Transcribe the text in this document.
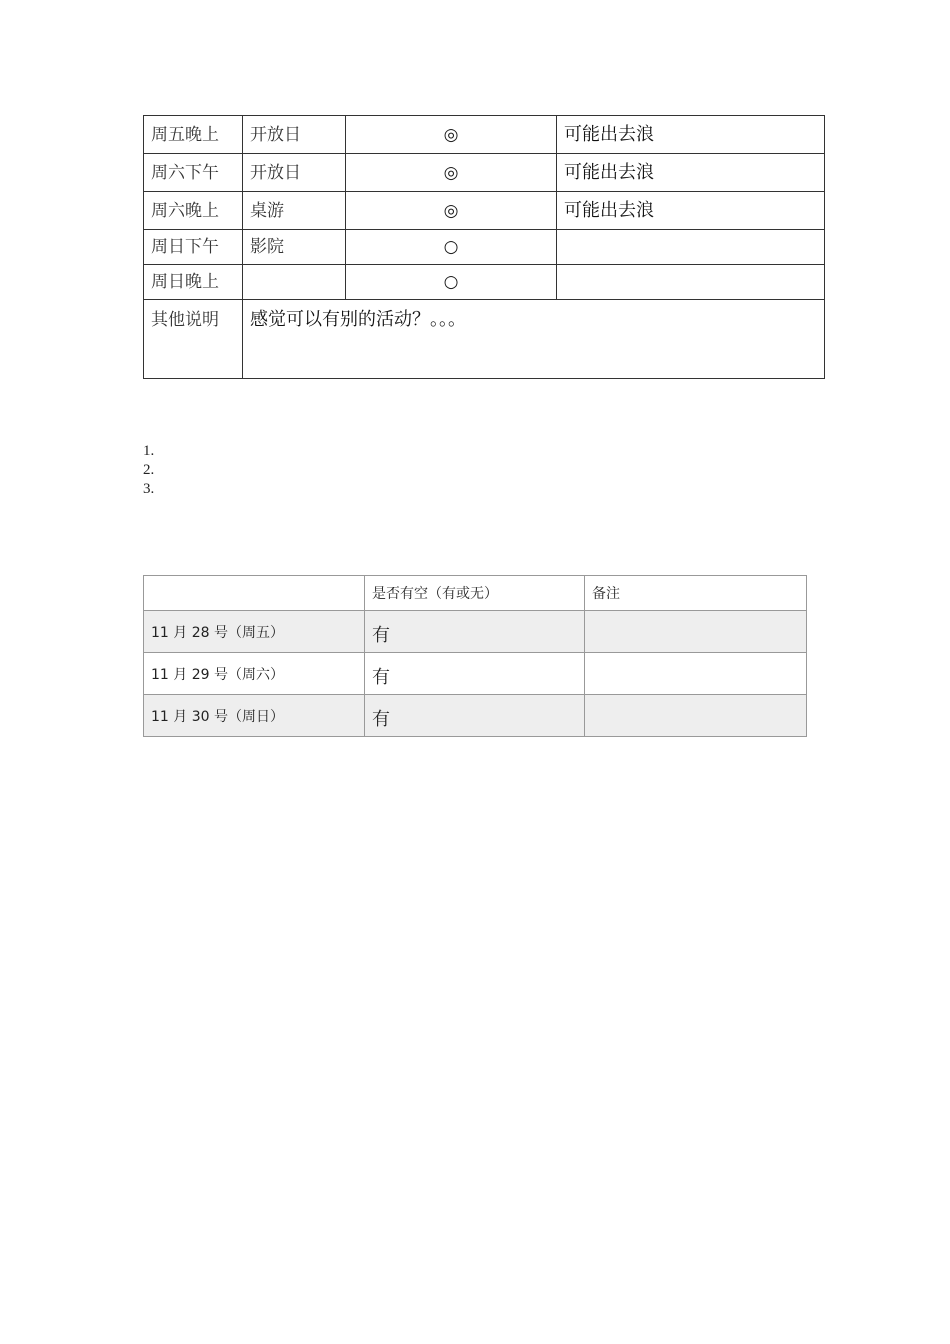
周五晚上	开放日	◎	可能出去浪
周六下午	开放日	◎	可能出去浪
周六晚上	桌游	◎	可能出去浪
周日下午	影院	○	
周日晚上		○	
其他说明	感觉可以有别的活动？。。。		
1.
2.
3.
	是否有空（有或无）	备注
11 月 28 号（周五）	有	
11 月 29 号（周六）	有	
11 月 30 号（周日）	有	
